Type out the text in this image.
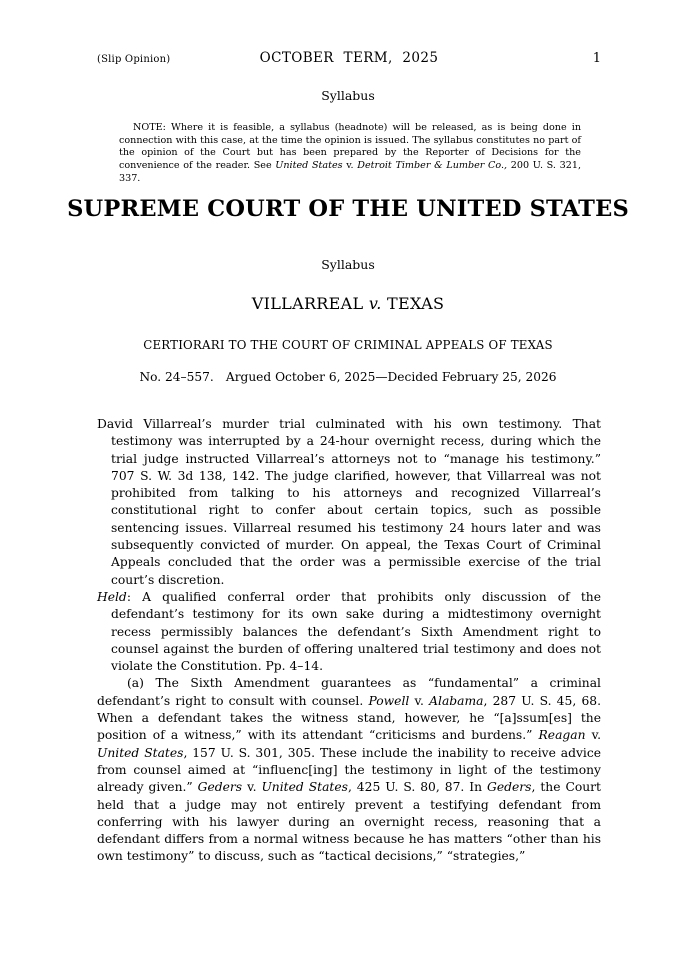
(Slip Opinion)	OCTOBER TERM, 2025	1
Syllabus
NOTE: Where it is feasible, a syllabus (headnote) will be released, as is being done in connection with this case, at the time the opinion is issued. The syllabus constitutes no part of the opinion of the Court but has been prepared by the Reporter of Decisions for the convenience of the reader. See United States v. Detroit Timber & Lumber Co., 200 U. S. 321, 337.
SUPREME COURT OF THE UNITED STATES
Syllabus
VILLARREAL v. TEXAS
CERTIORARI TO THE COURT OF CRIMINAL APPEALS OF TEXAS
No. 24–557.  Argued October 6, 2025—Decided February 25, 2026

David Villarreal’s murder trial culminated with his own testimony. That testimony was interrupted by a 24-hour overnight recess, during which the trial judge instructed Villarreal’s attorneys not to “manage his testimony.” 707 S. W. 3d 138, 142. The judge clarified, however, that Villarreal was not prohibited from talking to his attorneys and recognized Villarreal’s constitutional right to confer about certain topics, such as possible sentencing issues. Villarreal resumed his testimony 24 hours later and was subsequently convicted of murder. On appeal, the Texas Court of Criminal Appeals concluded that the order was a permissible exercise of the trial court’s discretion.

Held: A qualified conferral order that prohibits only discussion of the defendant’s testimony for its own sake during a midtestimony overnight recess permissibly balances the defendant’s Sixth Amendment right to counsel against the burden of offering unaltered trial testimony and does not violate the Constitution. Pp. 4–14.

(a) The Sixth Amendment guarantees as “fundamental” a criminal defendant’s right to consult with counsel. Powell v. Alabama, 287 U. S. 45, 68. When a defendant takes the witness stand, however, he “[a]ssum[es] the position of a witness,” with its attendant “criticisms and burdens.” Reagan v. United States, 157 U. S. 301, 305. These include the inability to receive advice from counsel aimed at “influenc[ing] the testimony in light of the testimony already given.” Geders v. United States, 425 U. S. 80, 87. In Geders, the Court held that a judge may not entirely prevent a testifying defendant from conferring with his lawyer during an overnight recess, reasoning that a defendant differs from a normal witness because he has matters “other than his own testimony” to discuss, such as “tactical decisions,” “strategies,”
